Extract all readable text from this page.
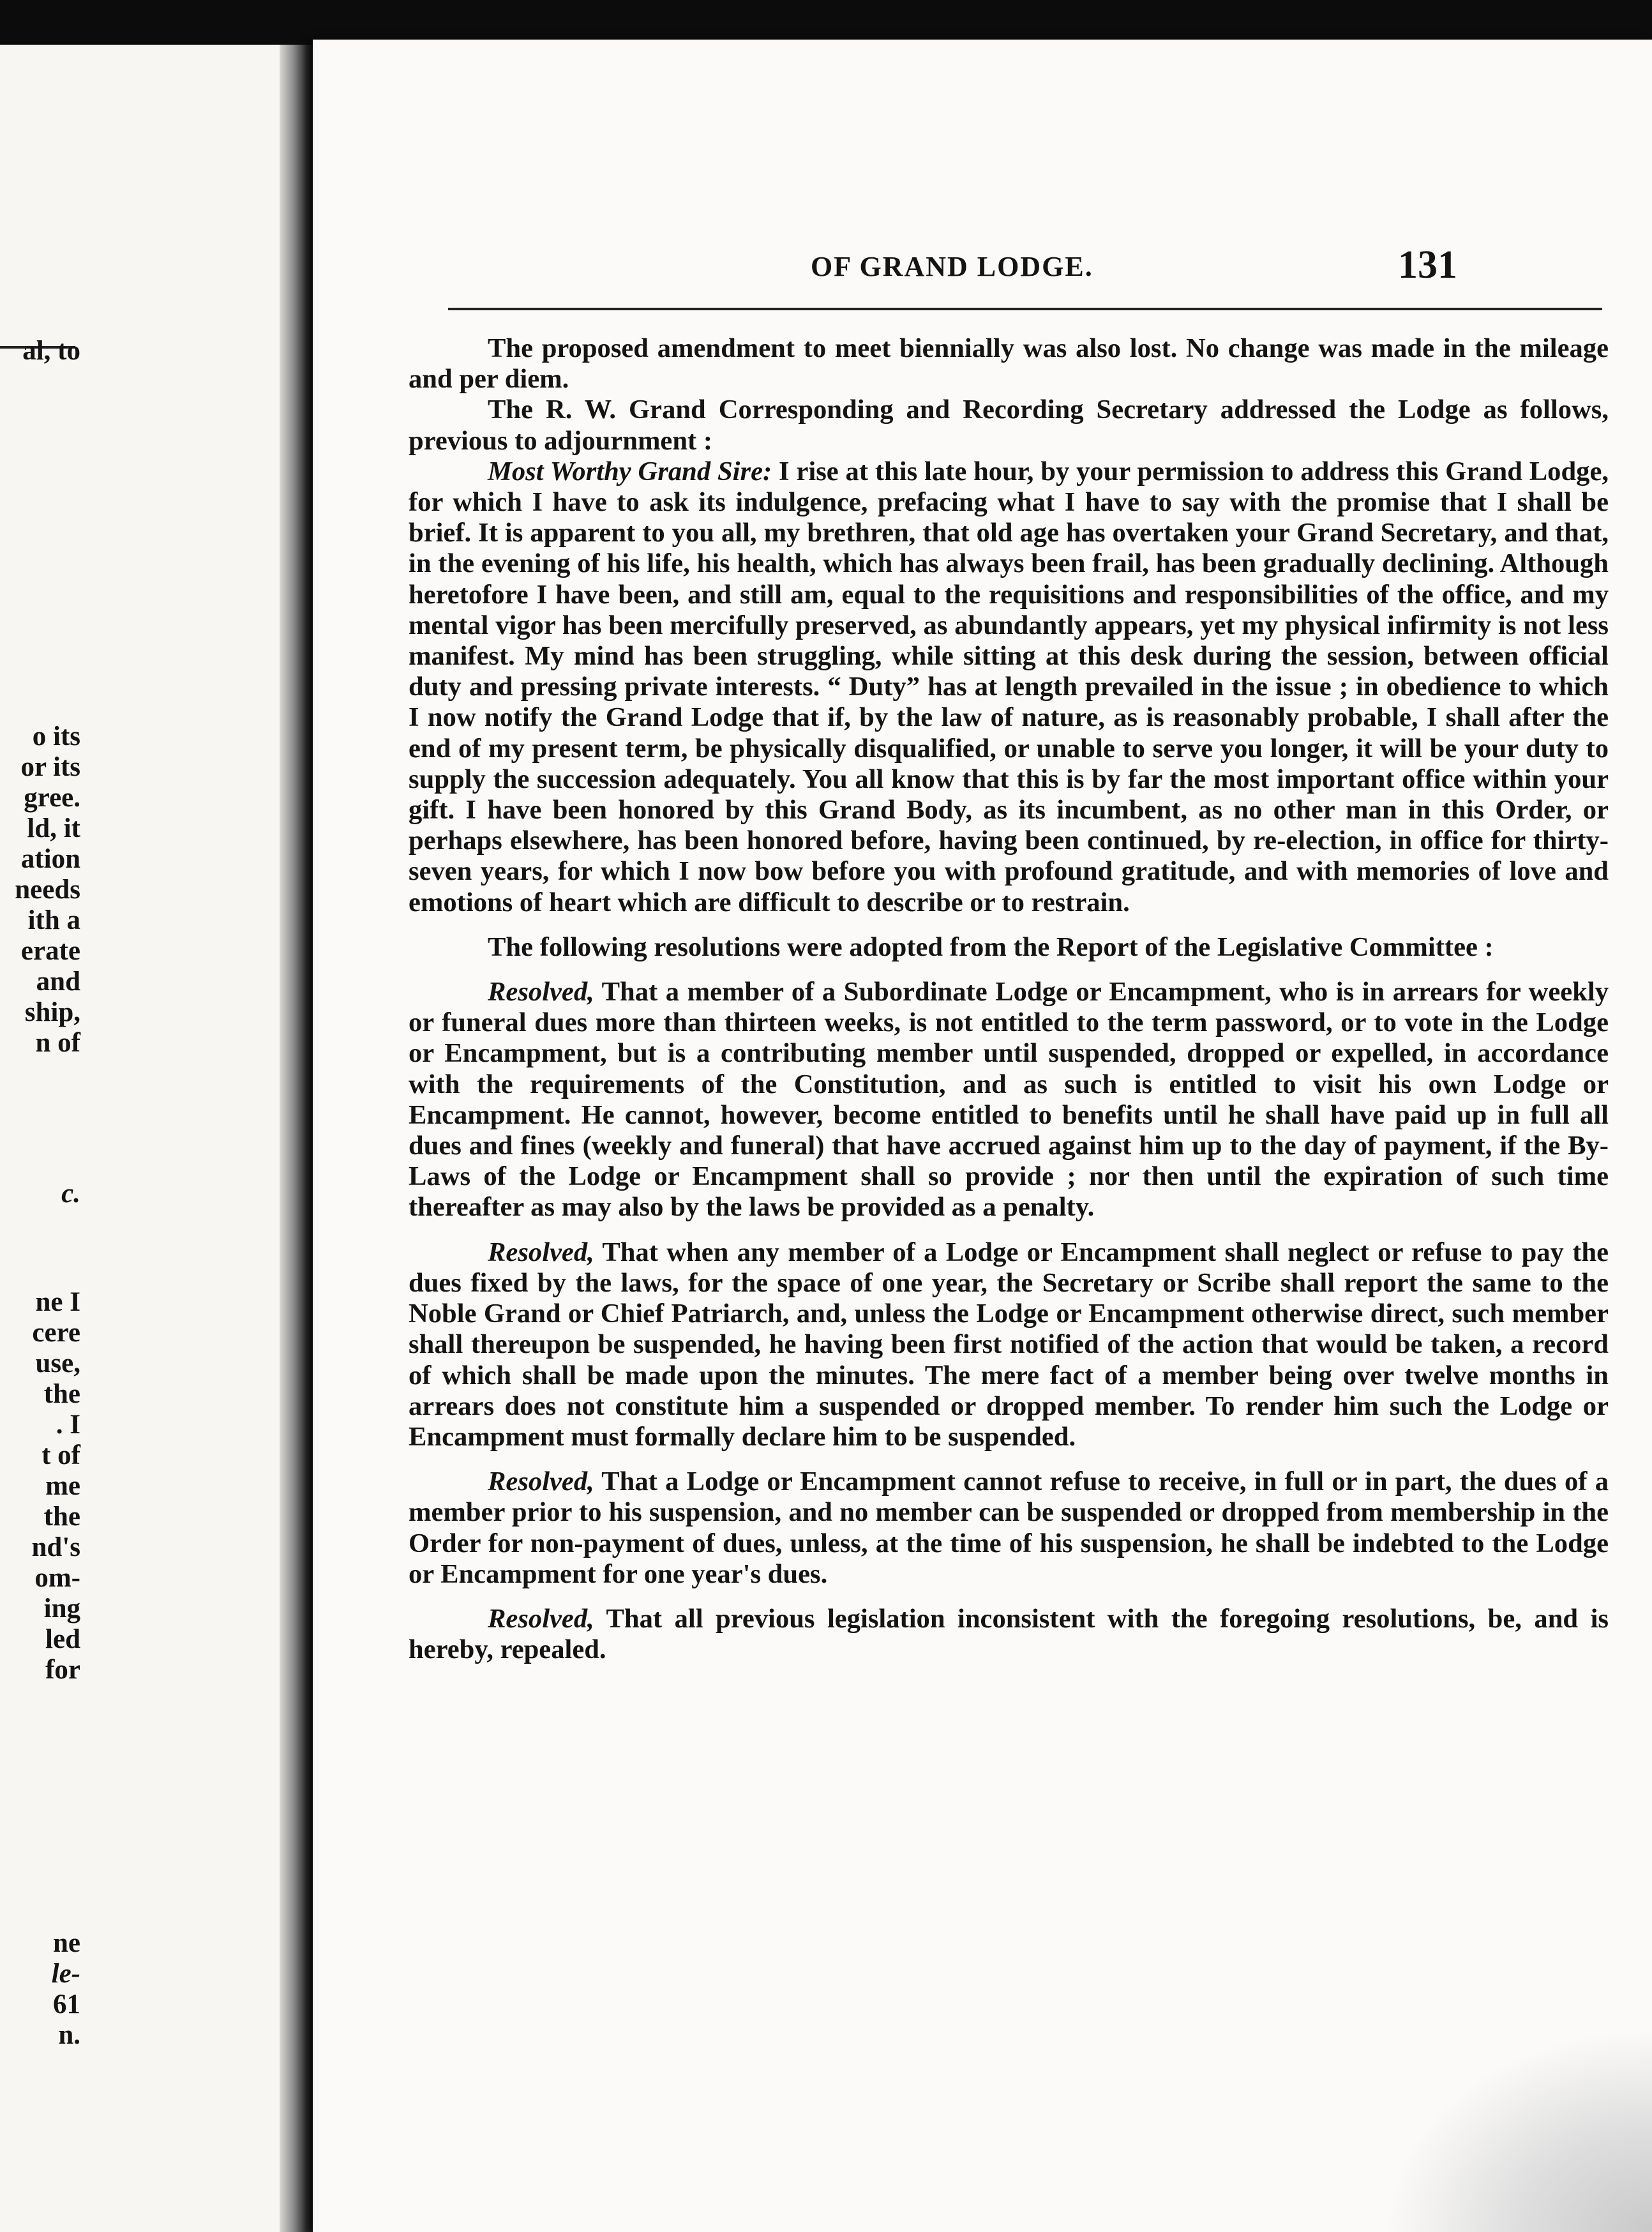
al, to
o its
or its
gree.
ld, it
ation
needs
ith a
erate
and
ship,
n of
c.
ne I
cere
use,
the
. I
t of
me
the
nd's
om-
ing
led
for
ne
le-
61
n.
OF GRAND LODGE.	131

The proposed amendment to meet biennially was also lost. No change was made in the mileage and per diem.

The R. W. Grand Corresponding and Recording Secretary addressed the Lodge as follows, previous to adjournment :

Most Worthy Grand Sire: I rise at this late hour, by your permission to address this Grand Lodge, for which I have to ask its indulgence, prefacing what I have to say with the promise that I shall be brief. It is apparent to you all, my brethren, that old age has overtaken your Grand Secretary, and that, in the evening of his life, his health, which has always been frail, has been gradually declining. Although heretofore I have been, and still am, equal to the requisitions and responsibilities of the office, and my mental vigor has been mercifully preserved, as abundantly appears, yet my physical infirmity is not less manifest. My mind has been struggling, while sitting at this desk during the session, between official duty and pressing private interests. “ Duty” has at length prevailed in the issue ; in obedience to which I now notify the Grand Lodge that if, by the law of nature, as is reasonably probable, I shall after the end of my present term, be physically disqualified, or unable to serve you longer, it will be your duty to supply the succession adequately. You all know that this is by far the most important office within your gift. I have been honored by this Grand Body, as its incumbent, as no other man in this Order, or perhaps elsewhere, has been honored before, having been continued, by re-election, in office for thirty-seven years, for which I now bow before you with profound gratitude, and with memories of love and emotions of heart which are difficult to describe or to restrain.

The following resolutions were adopted from the Report of the Legislative Committee :

Resolved, That a member of a Subordinate Lodge or Encampment, who is in arrears for weekly or funeral dues more than thirteen weeks, is not entitled to the term password, or to vote in the Lodge or Encampment, but is a contributing member until suspended, dropped or expelled, in accordance with the requirements of the Constitution, and as such is entitled to visit his own Lodge or Encampment. He cannot, however, become entitled to benefits until he shall have paid up in full all dues and fines (weekly and funeral) that have accrued against him up to the day of payment, if the By-Laws of the Lodge or Encampment shall so provide ; nor then until the expiration of such time thereafter as may also by the laws be provided as a penalty.

Resolved, That when any member of a Lodge or Encampment shall neglect or refuse to pay the dues fixed by the laws, for the space of one year, the Secretary or Scribe shall report the same to the Noble Grand or Chief Patriarch, and, unless the Lodge or Encampment otherwise direct, such member shall thereupon be suspended, he having been first notified of the action that would be taken, a record of which shall be made upon the minutes. The mere fact of a member being over twelve months in arrears does not constitute him a suspended or dropped member. To render him such the Lodge or Encampment must formally declare him to be suspended.

Resolved, That a Lodge or Encampment cannot refuse to receive, in full or in part, the dues of a member prior to his suspension, and no member can be suspended or dropped from membership in the Order for non-payment of dues, unless, at the time of his suspension, he shall be indebted to the Lodge or Encampment for one year's dues.

Resolved, That all previous legislation inconsistent with the foregoing resolutions, be, and is hereby, repealed.
